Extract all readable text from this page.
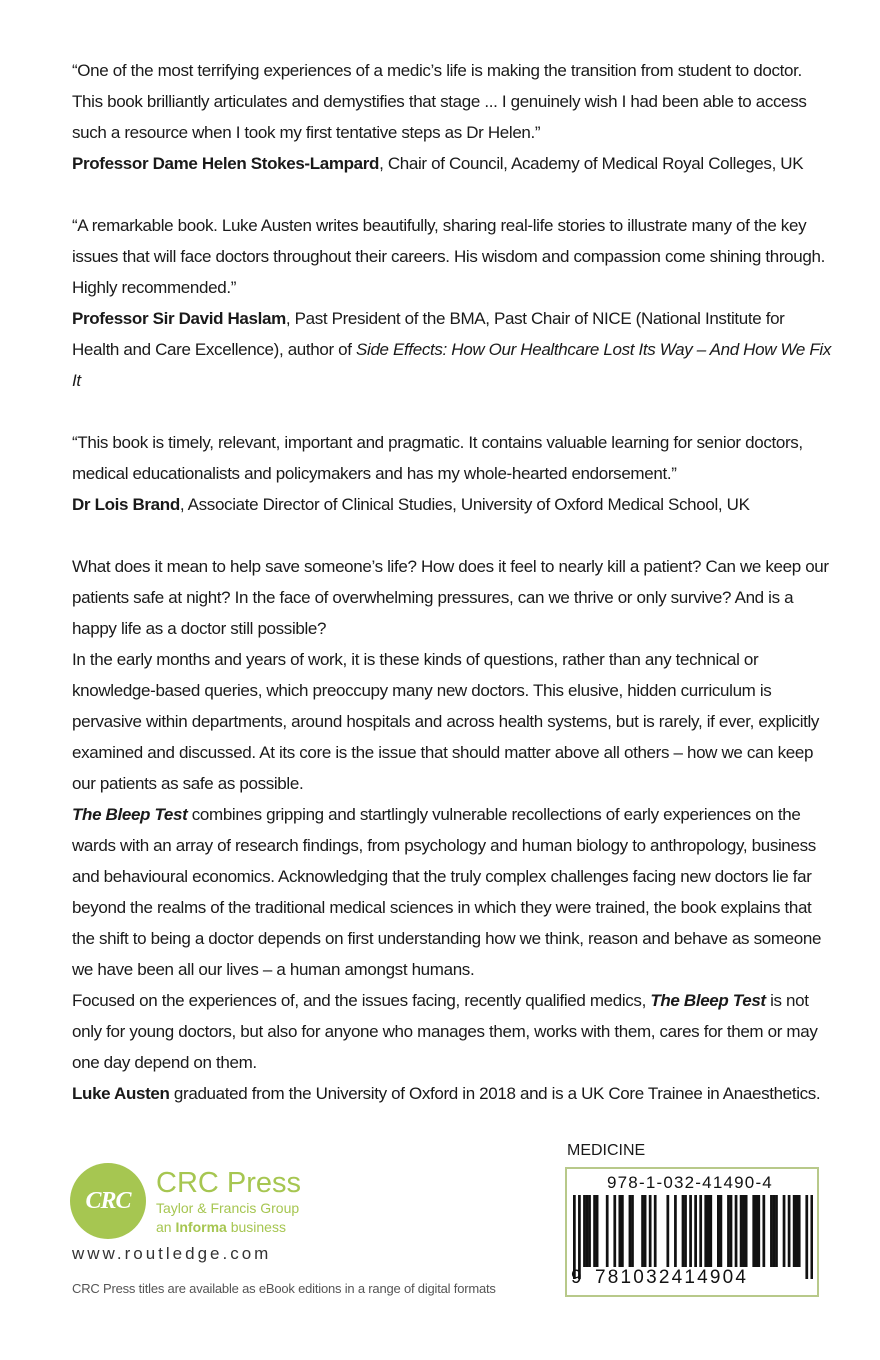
“One of the most terrifying experiences of a medic’s life is making the transition from student to doctor. This book brilliantly articulates and demystifies that stage ... I genuinely wish I had been able to access such a resource when I took my first tentative steps as Dr Helen.”

Professor Dame Helen Stokes-Lampard, Chair of Council, Academy of Medical Royal Colleges, UK

“A remarkable book. Luke Austen writes beautifully, sharing real-life stories to illustrate many of the key issues that will face doctors throughout their careers. His wisdom and compassion come shining through. Highly recommended.”

Professor Sir David Haslam, Past President of the BMA, Past Chair of NICE (National Institute for Health and Care Excellence), author of Side Effects: How Our Healthcare Lost Its Way – And How We Fix It

“This book is timely, relevant, important and pragmatic. It contains valuable learning for senior doctors, medical educationalists and policymakers and has my whole-hearted endorsement.”

Dr Lois Brand, Associate Director of Clinical Studies, University of Oxford Medical School, UK

What does it mean to help save someone’s life? How does it feel to nearly kill a patient? Can we keep our patients safe at night? In the face of overwhelming pressures, can we thrive or only survive? And is a happy life as a doctor still possible?

In the early months and years of work, it is these kinds of questions, rather than any technical or knowledge-based queries, which preoccupy many new doctors. This elusive, hidden curriculum is pervasive within departments, around hospitals and across health systems, but is rarely, if ever, explicitly examined and discussed. At its core is the issue that should matter above all others – how we can keep our patients as safe as possible.

The Bleep Test combines gripping and startlingly vulnerable recollections of early experiences on the wards with an array of research findings, from psychology and human biology to anthropology, business and behavioural economics. Acknowledging that the truly complex challenges facing new doctors lie far beyond the realms of the traditional medical sciences in which they were trained, the book explains that the shift to being a doctor depends on first understanding how we think, reason and behave as someone we have been all our lives – a human amongst humans.

Focused on the experiences of, and the issues facing, recently qualified medics, The Bleep Test is not only for young doctors, but also for anyone who manages them, works with them, cares for them or may one day depend on them.

Luke Austen graduated from the University of Oxford in 2018 and is a UK Core Trainee in Anaesthetics.

CRC
CRC Press
Taylor & Francis Group
an Informa business
www.routledge.com
CRC Press titles are available as eBook editions in a range of digital formats
MEDICINE
978-1-032-41490-4
9 781032414904
